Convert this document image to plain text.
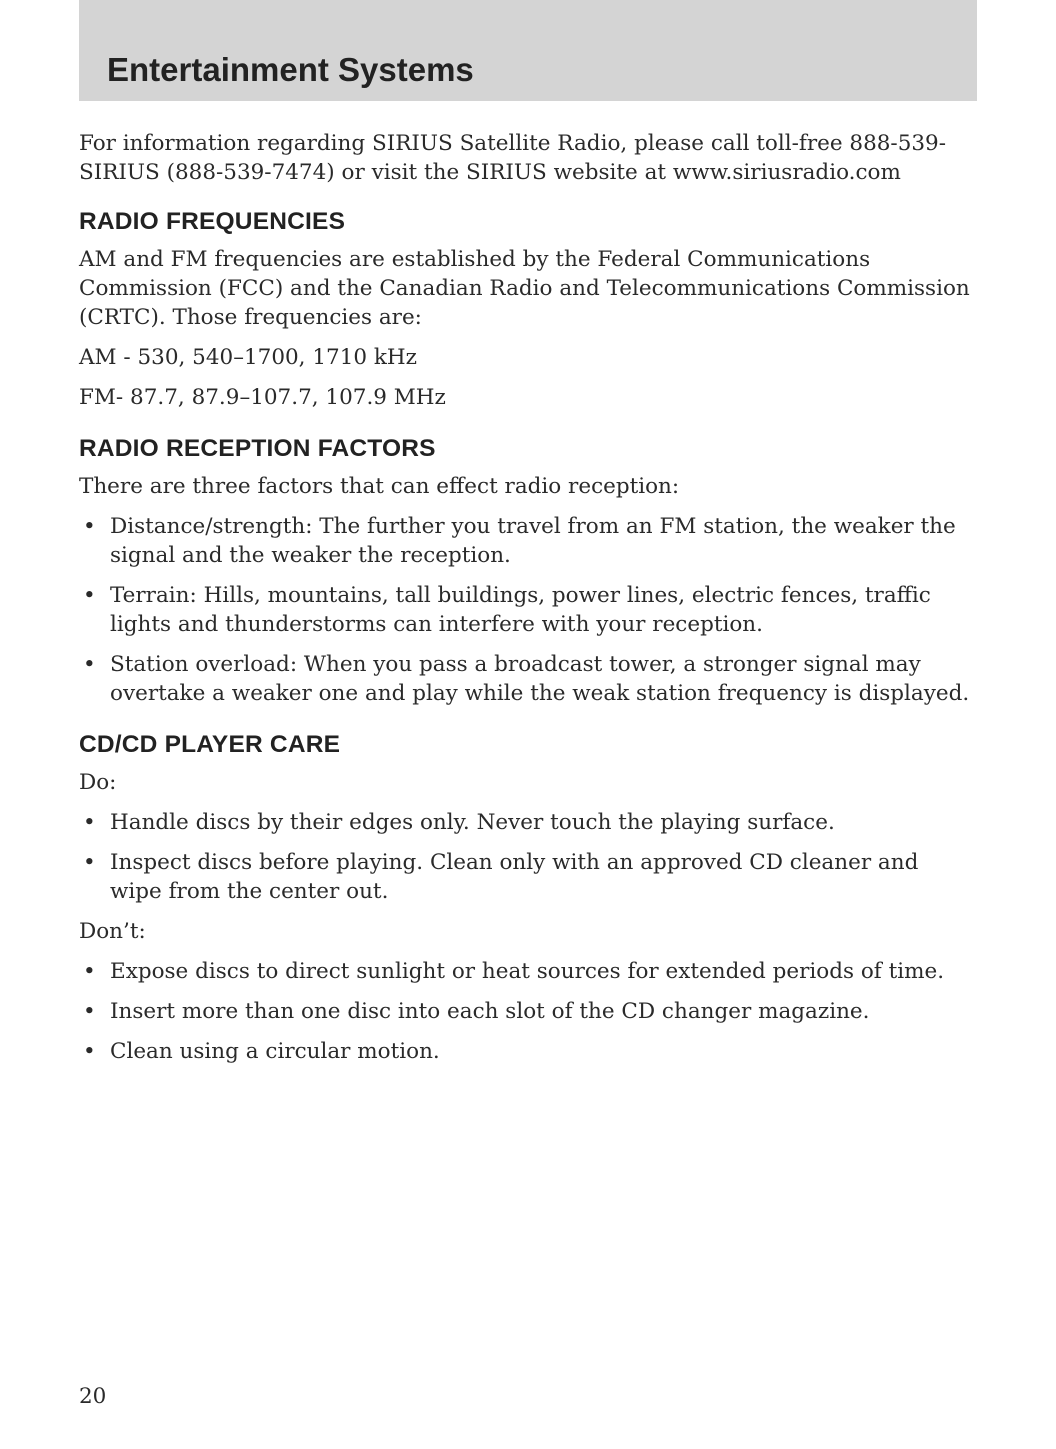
Entertainment Systems

For information regarding SIRIUS Satellite Radio, please call toll-free 888-539-SIRIUS (888-539-7474) or visit the SIRIUS website at www.siriusradio.com

RADIO FREQUENCIES

AM and FM frequencies are established by the Federal Communications Commission (FCC) and the Canadian Radio and Telecommunications Commission (CRTC). Those frequencies are:

AM - 530, 540–1700, 1710 kHz

FM- 87.7, 87.9–107.7, 107.9 MHz

RADIO RECEPTION FACTORS

There are three factors that can effect radio reception:

• Distance/strength: The further you travel from an FM station, the weaker the signal and the weaker the reception.
• Terrain: Hills, mountains, tall buildings, power lines, electric fences, traffic lights and thunderstorms can interfere with your reception.
• Station overload: When you pass a broadcast tower, a stronger signal may overtake a weaker one and play while the weak station frequency is displayed.
CD/CD PLAYER CARE

Do:

• Handle discs by their edges only. Never touch the playing surface.
• Inspect discs before playing. Clean only with an approved CD cleaner and wipe from the center out.

Don’t:

• Expose discs to direct sunlight or heat sources for extended periods of time.
• Insert more than one disc into each slot of the CD changer magazine.
• Clean using a circular motion.
20
